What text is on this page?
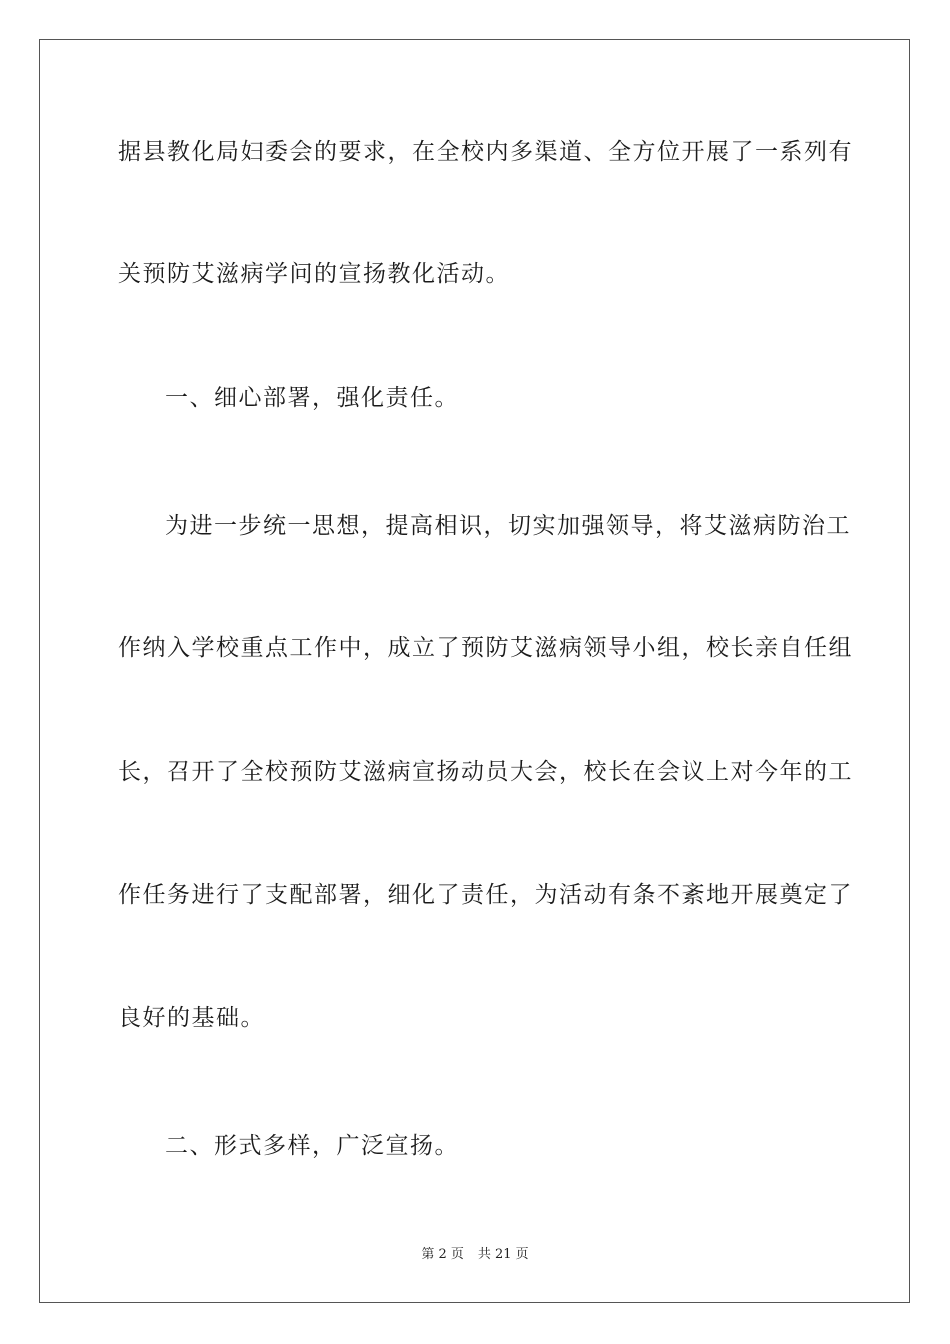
据县教化局妇委会的要求，在全校内多渠道、全方位开展了一系列有
关预防艾滋病学问的宣扬教化活动。
一、细心部署，强化责任。
为进一步统一思想，提高相识，切实加强领导，将艾滋病防治工
作纳入学校重点工作中，成立了预防艾滋病领导小组，校长亲自任组
长，召开了全校预防艾滋病宣扬动员大会，校长在会议上对今年的工
作任务进行了支配部署，细化了责任，为活动有条不紊地开展奠定了
良好的基础。
二、形式多样，广泛宣扬。
第 2 页 共 21 页
